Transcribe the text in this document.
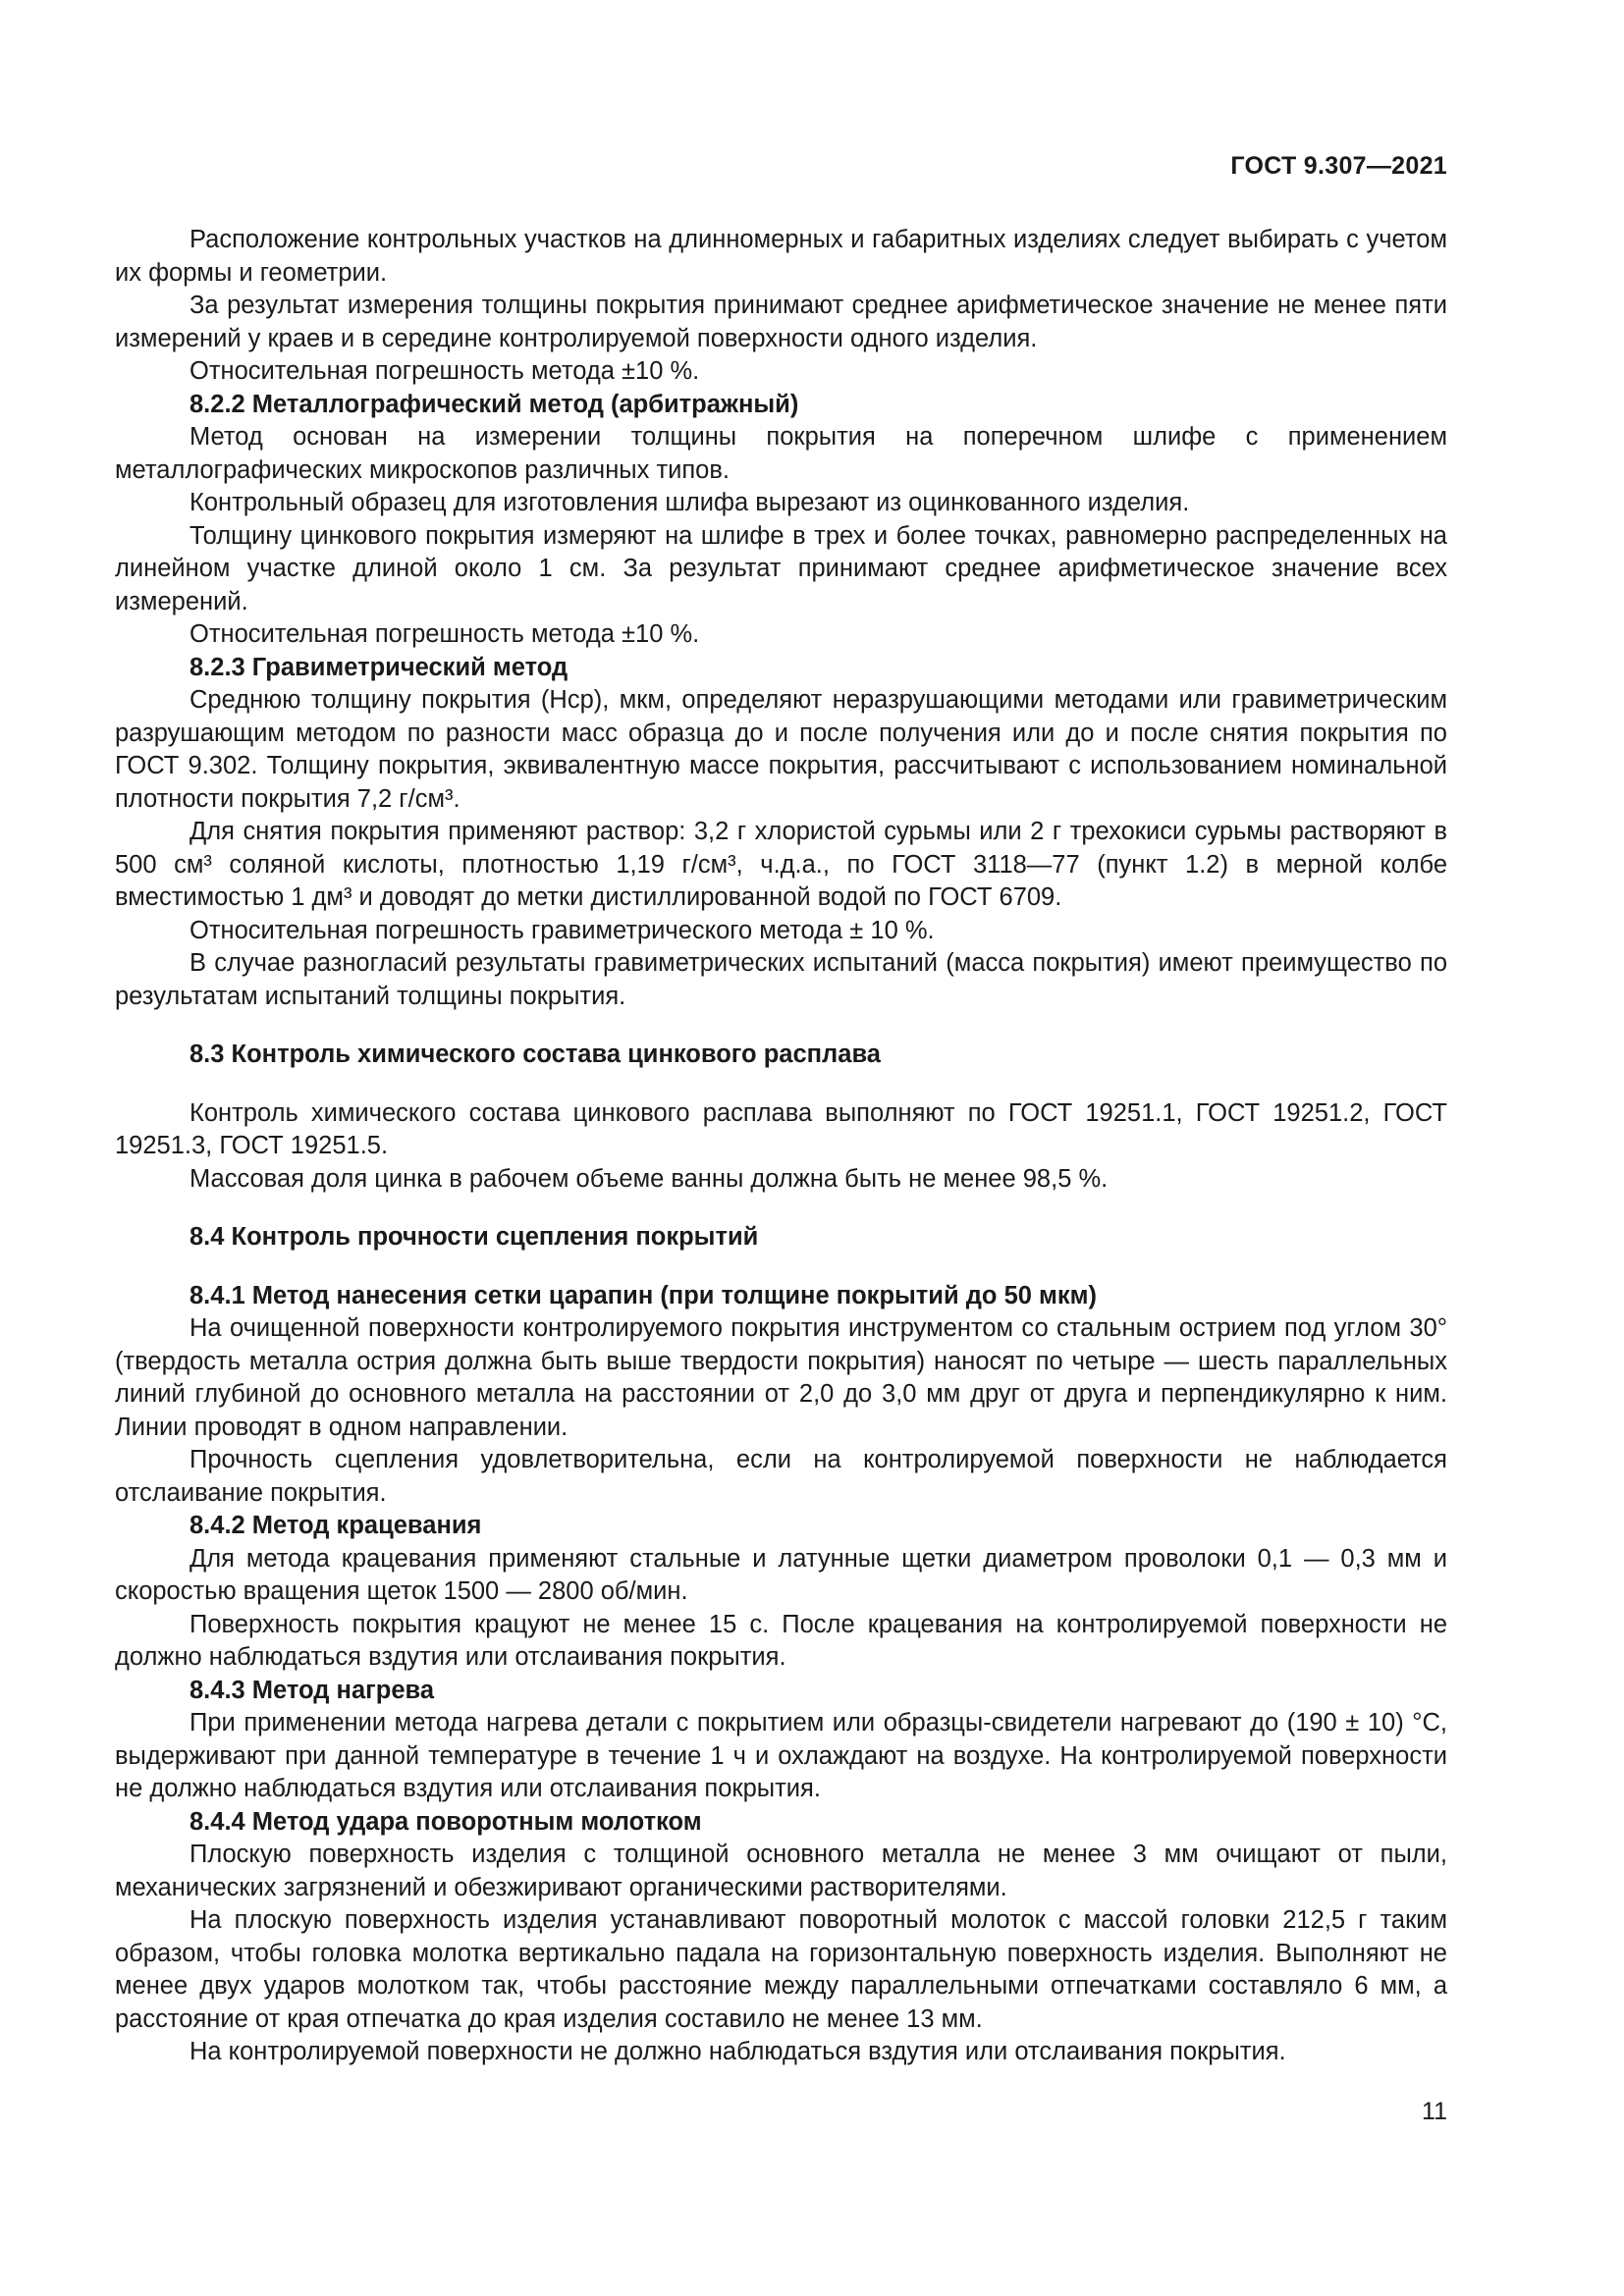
ГОСТ 9.307—2021

Расположение контрольных участков на длинномерных и габаритных изделиях следует выбирать с учетом их формы и геометрии.

За результат измерения толщины покрытия принимают среднее арифметическое значение не менее пяти измерений у краев и в середине контролируемой поверхности одного изделия.

Относительная погрешность метода ±10 %.

8.2.2 Металлографический метод (арбитражный)

Метод основан на измерении толщины покрытия на поперечном шлифе с применением металлографических микроскопов различных типов.

Контрольный образец для изготовления шлифа вырезают из оцинкованного изделия.

Толщину цинкового покрытия измеряют на шлифе в трех и более точках, равномерно распределенных на линейном участке длиной около 1 см. За результат принимают среднее арифметическое значение всех измерений.

Относительная погрешность метода ±10 %.

8.2.3 Гравиметрический метод

Среднюю толщину покрытия (Hср), мкм, определяют неразрушающими методами или гравиметрическим разрушающим методом по разности масс образца до и после получения или до и после снятия покрытия по ГОСТ 9.302. Толщину покрытия, эквивалентную массе покрытия, рассчитывают с использованием номинальной плотности покрытия 7,2 г/см³.

Для снятия покрытия применяют раствор: 3,2 г хлористой сурьмы или 2 г трехокиси сурьмы растворяют в 500 см³ соляной кислоты, плотностью 1,19 г/см³, ч.д.а., по ГОСТ 3118—77 (пункт 1.2) в мерной колбе вместимостью 1 дм³ и доводят до метки дистиллированной водой по ГОСТ 6709.

Относительная погрешность гравиметрического метода ± 10 %.

В случае разногласий результаты гравиметрических испытаний (масса покрытия) имеют преимущество по результатам испытаний толщины покрытия.

8.3 Контроль химического состава цинкового расплава

Контроль химического состава цинкового расплава выполняют по ГОСТ 19251.1, ГОСТ 19251.2, ГОСТ 19251.3, ГОСТ 19251.5.

Массовая доля цинка в рабочем объеме ванны должна быть не менее 98,5 %.

8.4 Контроль прочности сцепления покрытий

8.4.1 Метод нанесения сетки царапин (при толщине покрытий до 50 мкм)

На очищенной поверхности контролируемого покрытия инструментом со стальным острием под углом 30° (твердость металла острия должна быть выше твердости покрытия) наносят по четыре — шесть параллельных линий глубиной до основного металла на расстоянии от 2,0 до 3,0 мм друг от друга и перпендикулярно к ним. Линии проводят в одном направлении.

Прочность сцепления удовлетворительна, если на контролируемой поверхности не наблюдается отслаивание покрытия.

8.4.2 Метод крацевания

Для метода крацевания применяют стальные и латунные щетки диаметром проволоки 0,1 — 0,3 мм и скоростью вращения щеток 1500 — 2800 об/мин.

Поверхность покрытия крацуют не менее 15 с. После крацевания на контролируемой поверхности не должно наблюдаться вздутия или отслаивания покрытия.

8.4.3 Метод нагрева

При применении метода нагрева детали с покрытием или образцы-свидетели нагревают до (190 ± 10) °С, выдерживают при данной температуре в течение 1 ч и охлаждают на воздухе. На контролируемой поверхности не должно наблюдаться вздутия или отслаивания покрытия.

8.4.4 Метод удара поворотным молотком

Плоскую поверхность изделия с толщиной основного металла не менее 3 мм очищают от пыли, механических загрязнений и обезжиривают органическими растворителями.

На плоскую поверхность изделия устанавливают поворотный молоток с массой головки 212,5 г таким образом, чтобы головка молотка вертикально падала на горизонтальную поверхность изделия. Выполняют не менее двух ударов молотком так, чтобы расстояние между параллельными отпечатками составляло 6 мм, а расстояние от края отпечатка до края изделия составило не менее 13 мм.

На контролируемой поверхности не должно наблюдаться вздутия или отслаивания покрытия.

11
